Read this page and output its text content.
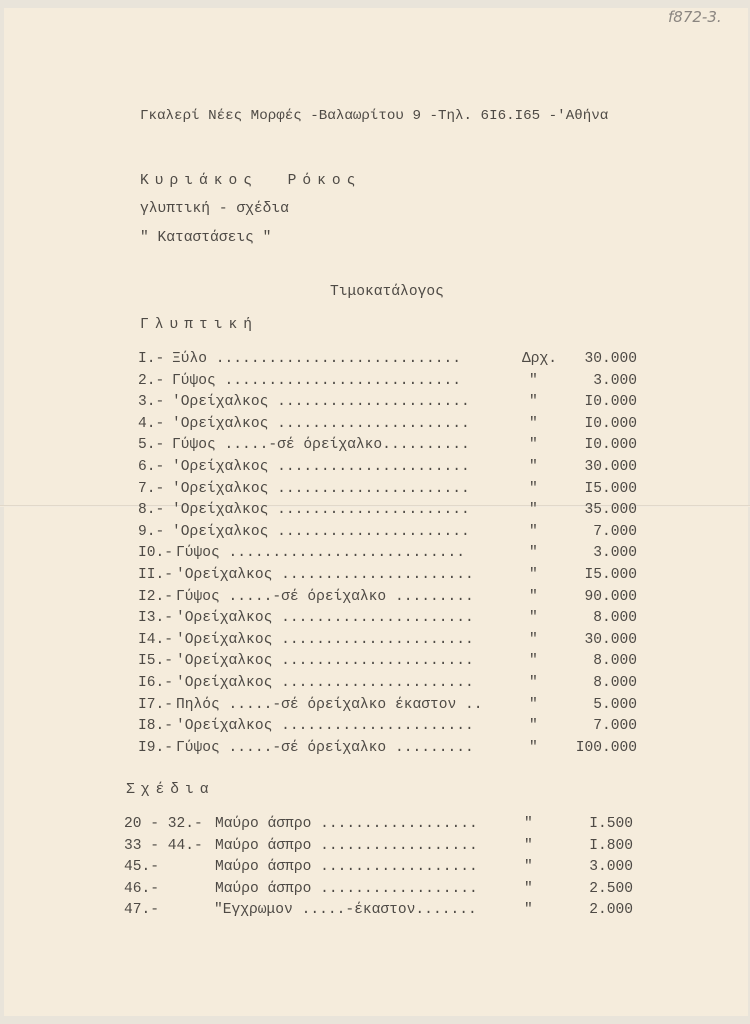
f872-3.
Γκαλερί Νέες Μορφές -Βαλαωρίτου 9 -Τηλ. 6Ι6.Ι65 -'Αθήνα
Κυριάκος  Ρόκος
γλυπτική - σχέδια
" Καταστάσεις "
Τιμοκατάλογος
Γλυπτική
I.- Ξύλο ............................	Δρχ. 30.000
2.- Γύψος ...........................	"	3.000
3.- 'Ορείχαλκος ......................	"	I0.000
4.- 'Ορείχαλκος ......................	"	I0.000
5.- Γύψος .....-σέ όρείχαλκο..........	"	I0.000
6.- 'Ορείχαλκος ......................	"	30.000
7.- 'Ορείχαλκος ......................	"	I5.000
8.- 'Ορείχαλκος ......................	"	35.000
9.- 'Ορείχαλκος ......................	"	7.000
I0.- Γύψος ...........................	"	3.000
II.- 'Ορείχαλκος ......................	"	I5.000
I2.- Γύψος .....-σέ όρείχαλκο .........	"	90.000
I3.- 'Ορείχαλκος ......................	"	8.000
I4.- 'Ορείχαλκος ......................	"	30.000
I5.- 'Ορείχαλκος ......................	"	8.000
I6.- 'Ορείχαλκος ......................	"	8.000
I7.- Πηλός .....-σέ όρείχαλκο έκαστον ..	"	5.000
I8.- 'Ορείχαλκος ......................	"	7.000
I9.- Γύψος .....-σέ όρείχαλκο .........	"	I00.000
Σχέδια
20 - 32.- Μαύρο άσπρο ..................	"	I.500
33 - 44.- Μαύρο άσπρο ..................	"	I.800
45.-	Μαύρο άσπρο ..................	"	3.000
46.-	Μαύρο άσπρο ..................	"	2.500
47.-	"Εγχρωμον .....-έκαστον.......	"	2.000
